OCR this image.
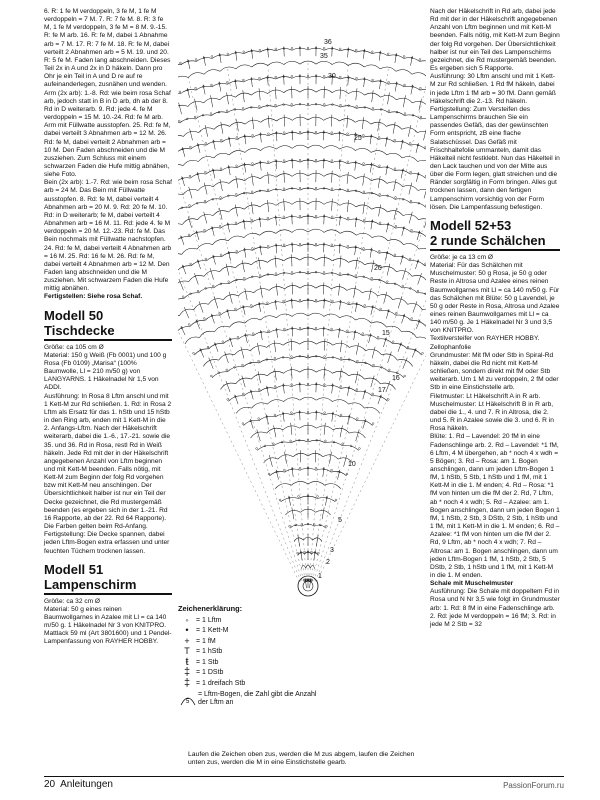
6. R: 1 fe M verdoppeln, 3 fe M, 1 fe M verdoppeln = 7 M. 7. R: 7 fe M. 8. R: 3 fe M, 1 fe M verdoppeln, 3 fe M = 8 M. 9.-15. R: fe M arb. 16. R: fe M, dabei 1 Abnahme arb = 7 M. 17. R: 7 fe M. 18. R: fe M, dabei verteilt 2 Abnahmen arb = 5 M. 19. und 20. R: 5 fe M. Faden lang abschneiden. Dieses Teil 2x in A und 2x in D häkeln. Dann pro Ohr je ein Teil in A und D re auf re aufeinanderlegen, zusnähen und wenden.

Arm (2x arb): 1.-8. Rd: wie beim rosa Schaf arb, jedoch statt in B in D arb, dh ab der 8. Rd in D weiterarb. 9. Rd: jede 4. fe M verdoppeln = 15 M. 10.-24. Rd: fe M arb. Arm mit Füllwatte ausstopfen. 25. Rd: fe M, dabei verteilt 3 Abnahmen arb = 12 M. 26. Rd: fe M, dabei verteilt 2 Abnahmen arb = 10 M. Den Faden abschneiden und die M zusziehen. Zum Schluss mit einem schwarzen Faden die Hufe mittig abnähen, siehe Foto.

Bein (2x arb): 1.-7. Rd: wie beim rosa Schaf arb = 24 M. Das Bein mit Füllwatte ausstopfen. 8. Rd: fe M, dabei verteilt 4 Abnahmen arb = 20 M. 9. Rd: 20 fe M. 10. Rd: in D weiterarb; fe M, dabei verteilt 4 Abnahmen arb = 16 M. 11. Rd: jede 4. fe M verdoppeln = 20 M. 12.-23. Rd: fe M. Das Bein nochmals mit Füllwatte nachstopfen. 24. Rd: fe M, dabei verteilt 4 Abnahmen arb = 16 M. 25. Rd: 16 fe M. 26. Rd: fe M, dabei verteilt 4 Abnahmen arb = 12 M. Den Faden lang abschneiden und die M zusziehen. Mit schwarzem Faden die Hufe mittig abnähen.

Fertigstellen: Siehe rosa Schaf.

Modell 50
Tischdecke

Größe: ca 105 cm Ø

Material: 150 g Weiß (Fb 0001) und 100 g Rosa (Fb 0109) „Marisa“ (100% Baumwolle, Ll = 210 m/50 g) von LANGYARNS. 1 Häkelnadel Nr 1,5 von ADDI.

Ausführung: In Rosa 8 Lftm anschl und mit 1 Kett-M zur Rd schließen. 1. Rd: in Rosa 2 Lftm als Ersatz für das 1. hStb und 15 hStb in den Ring arb, enden mit 1 Kett-M in die 2. Anfangs-Lftm. Nach der Häkelschrift weiterarb, dabei die 1.-6., 17.-21. sowie die 35. und 36. Rd in Rosa, restl Rd in Weiß häkeln. Jede Rd mit der in der Häkelschrift angegebenen Anzahl von Lftm beginnen und mit Kett-M beenden. Falls nötig, mit Kett-M zum Beginn der folg Rd vorgehen bzw mit Kett-M neu anschlingen. Der Übersichtlichkeit halber ist nur ein Teil der Decke gezeichnet, die Rd mustergemäß beenden (es ergeben sich in der 1.-21. Rd 16 Rapporte, ab der 22. Rd 64 Rapporte). Die Farben gelten beim Rd-Anfang.

Fertigstellung: Die Decke spannen, dabei jeden Lftm-Bogen extra erfassen und unter feuchten Tüchern trocknen lassen.

Modell 51
Lampenschirm

Größe: ca 32 cm Ø

Material: 50 g eines reinen Baumwollgarnes in Azalee mit Ll = ca 140 m/50 g. 1 Häkelnadel Nr 3 von KNITPRO. Mattlack 59 ml (Art 3801600) und 1 Pendel-Lampenfassung von RAYHER HOBBY.

36
35
30
25
20
15
16
17
10
5
3
2
1
Zeichenerklärung:
◦	= 1 Lftm
•	= 1 Kett-M
+ = 1 fM
T = 1 hStb
ŧ	= 1 Stb
‡ = 1 DStb
‡ = 1 dreifach Stb
5
= Lftm-Bogen, die Zahl gibt die Anzahl der Lftm an
Laufen die Zeichen oben zus, werden die M zus abgem, laufen die Zeichen unten zus, werden die M in eine Einstichstelle gearb.

Nach der Häkelschrift in Rd arb, dabei jede Rd mit der in der Häkelschrift angegebenen Anzahl von Lftm beginnen und mit Kett-M beenden. Falls nötig, mit Kett-M zum Beginn der folg Rd vorgehen. Der Übersichtlichkeit halber ist nur ein Teil des Lampenschirms gezeichnet, die Rd mustergemäß beenden. Es ergeben sich 5 Rapporte.

Ausführung: 30 Lftm anschl und mit 1 Kett-M zur Rd schließen. 1 Rd fM häkeln, dabei in jede Lftm 1 fM arb = 30 fM. Dann gemäß Häkelschrift die 2.-13. Rd häkeln.

Fertigstellung: Zum Versteifen des Lampenschirms brauchen Sie ein passendes Gefäß, das der gewünschten Form entspricht, zB eine flache Salatschüssel. Das Gefäß mit Frischhaltefolie ummanteln, damit das Häkelteil nicht festklebt. Nun das Häkelteil in den Lack tauchen und von der Mitte aus über die Form legen, glatt streichen und die Ränder sorgfältig in Form bringen. Alles gut trocknen lassen, dann den fertigen Lampenschirm vorsichtig von der Form lösen. Die Lampenfassung befestigen.

Modell 52+53
2 runde Schälchen

Größe: je ca 13 cm Ø

Material: Für das Schälchen mit Muschelmuster: 50 g Rosa, je 50 g oder Reste in Altrosa und Azalee eines reinen Baumwollgarnes mit Ll = ca 140 m/50 g. Für das Schälchen mit Blüte: 50 g Lavendel, je 50 g oder Reste in Rosa, Altrosa und Azalee eines reinen Baumwollgarnes mit Ll = ca 140 m/50 g. Je 1 Häkelnadel Nr 3 und 3,5 von KNITPRO.

Textilversteifer von RAYHER HOBBY. Zellophanfolie

Grundmuster: Mit fM oder Stb in Spiral-Rd häkeln, dabei die Rd nicht mit Kett-M schließen, sondern direkt mit fM oder Stb weiterarb. Um 1 M zu verdoppeln, 2 fM oder Stb in eine Einstichstelle arb.

Filetmuster: Lt Häkelschrift A in R arb.

Muschelmuster: Lt Häkelschrift B in R arb, dabei die 1., 4. und 7. R in Altrosa, die 2. und 5. R in Azalee sowie die 3. und 6. R in Rosa häkeln.

Blüte: 1. Rd – Lavendel: 20 fM in eine Fadenschlinge arb. 2. Rd – Lavendel: *1 fM, 6 Lftm, 4 M übergehen, ab * noch 4 x wdh = 5 Bögen; 3. Rd – Rosa: am 1. Bogen anschlingen, dann um jeden Lftm-Bogen 1 fM, 1 hStb, 5 Stb, 1 hStb und 1 fM, mit 1 Kett-M in die 1. M enden; 4. Rd – Rosa: *1 fM von hinten um die fM der 2. Rd, 7 Lftm, ab * noch 4 x wdh; 5. Rd – Azalee: am 1. Bogen anschlingen, dann um jeden Bogen 1 fM, 1 hStb, 2 Stb, 3 DStb, 2 Stb, 1 hStb und 1 fM, mit 1 Kett-M in die 1. M enden; 6. Rd – Azalee: *1 fM von hinten um die fM der 2. Rd, 9 Lftm, ab * noch 4 x wdh; 7. Rd – Altrosa: am 1. Bogen anschlingen, dann um jeden Lftm-Bogen 1 fM, 1 hStb, 2 Stb, 5 DStb, 2 Stb, 1 hStb und 1 fM, mit 1 Kett-M in die 1. M enden.

Schale mit Muschelmuster

Ausführung: Die Schale mit doppeltem Fd in Rosa und N Nr 3,5 wie folgt im Grundmuster arb: 1. Rd: 8 fM in eine Fadenschlinge arb. 2. Rd: jede M verdoppeln = 16 fM; 3. Rd: in jede M 2 Stb = 32

20 Anleitungen	PassionForum.ru
